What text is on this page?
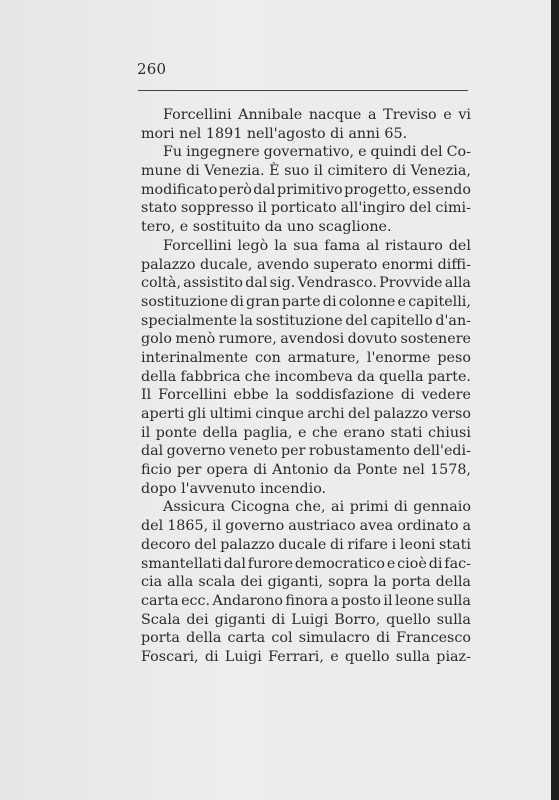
260
Forcellini Annibale nacque a Treviso e vi
mori nel 1891 nell'agosto di anni 65.
Fu ingegnere governativo, e quindi del Co-
mune di Venezia. È suo il cimitero di Venezia,
modificato però dal primitivo progetto, essendo
stato soppresso il porticato all'ingiro del cimi-
tero, e sostituito da uno scaglione.
Forcellini legò la sua fama al ristauro del
palazzo ducale, avendo superato enormi diffi-
coltà, assistito dal sig. Vendrasco. Provvide alla
sostituzione di gran parte di colonne e capitelli,
specialmente la sostituzione del capitello d'an-
golo menò rumore, avendosi dovuto sostenere
interinalmente con armature, l'enorme peso
della fabbrica che incombeva da quella parte.
Il Forcellini ebbe la soddisfazione di vedere
aperti gli ultimi cinque archi del palazzo verso
il ponte della paglia, e che erano stati chiusi
dal governo veneto per robustamento dell'edi-
ficio per opera di Antonio da Ponte nel 1578,
dopo l'avvenuto incendio.
Assicura Cicogna che, ai primi di gennaio
del 1865, il governo austriaco avea ordinato a
decoro del palazzo ducale di rifare i leoni stati
smantellati dal furore democratico e cioè di fac-
cia alla scala dei giganti, sopra la porta della
carta ecc. Andarono finora a posto il leone sulla
Scala dei giganti di Luigi Borro, quello sulla
porta della carta col simulacro di Francesco
Foscari, di Luigi Ferrari, e quello sulla piaz-
